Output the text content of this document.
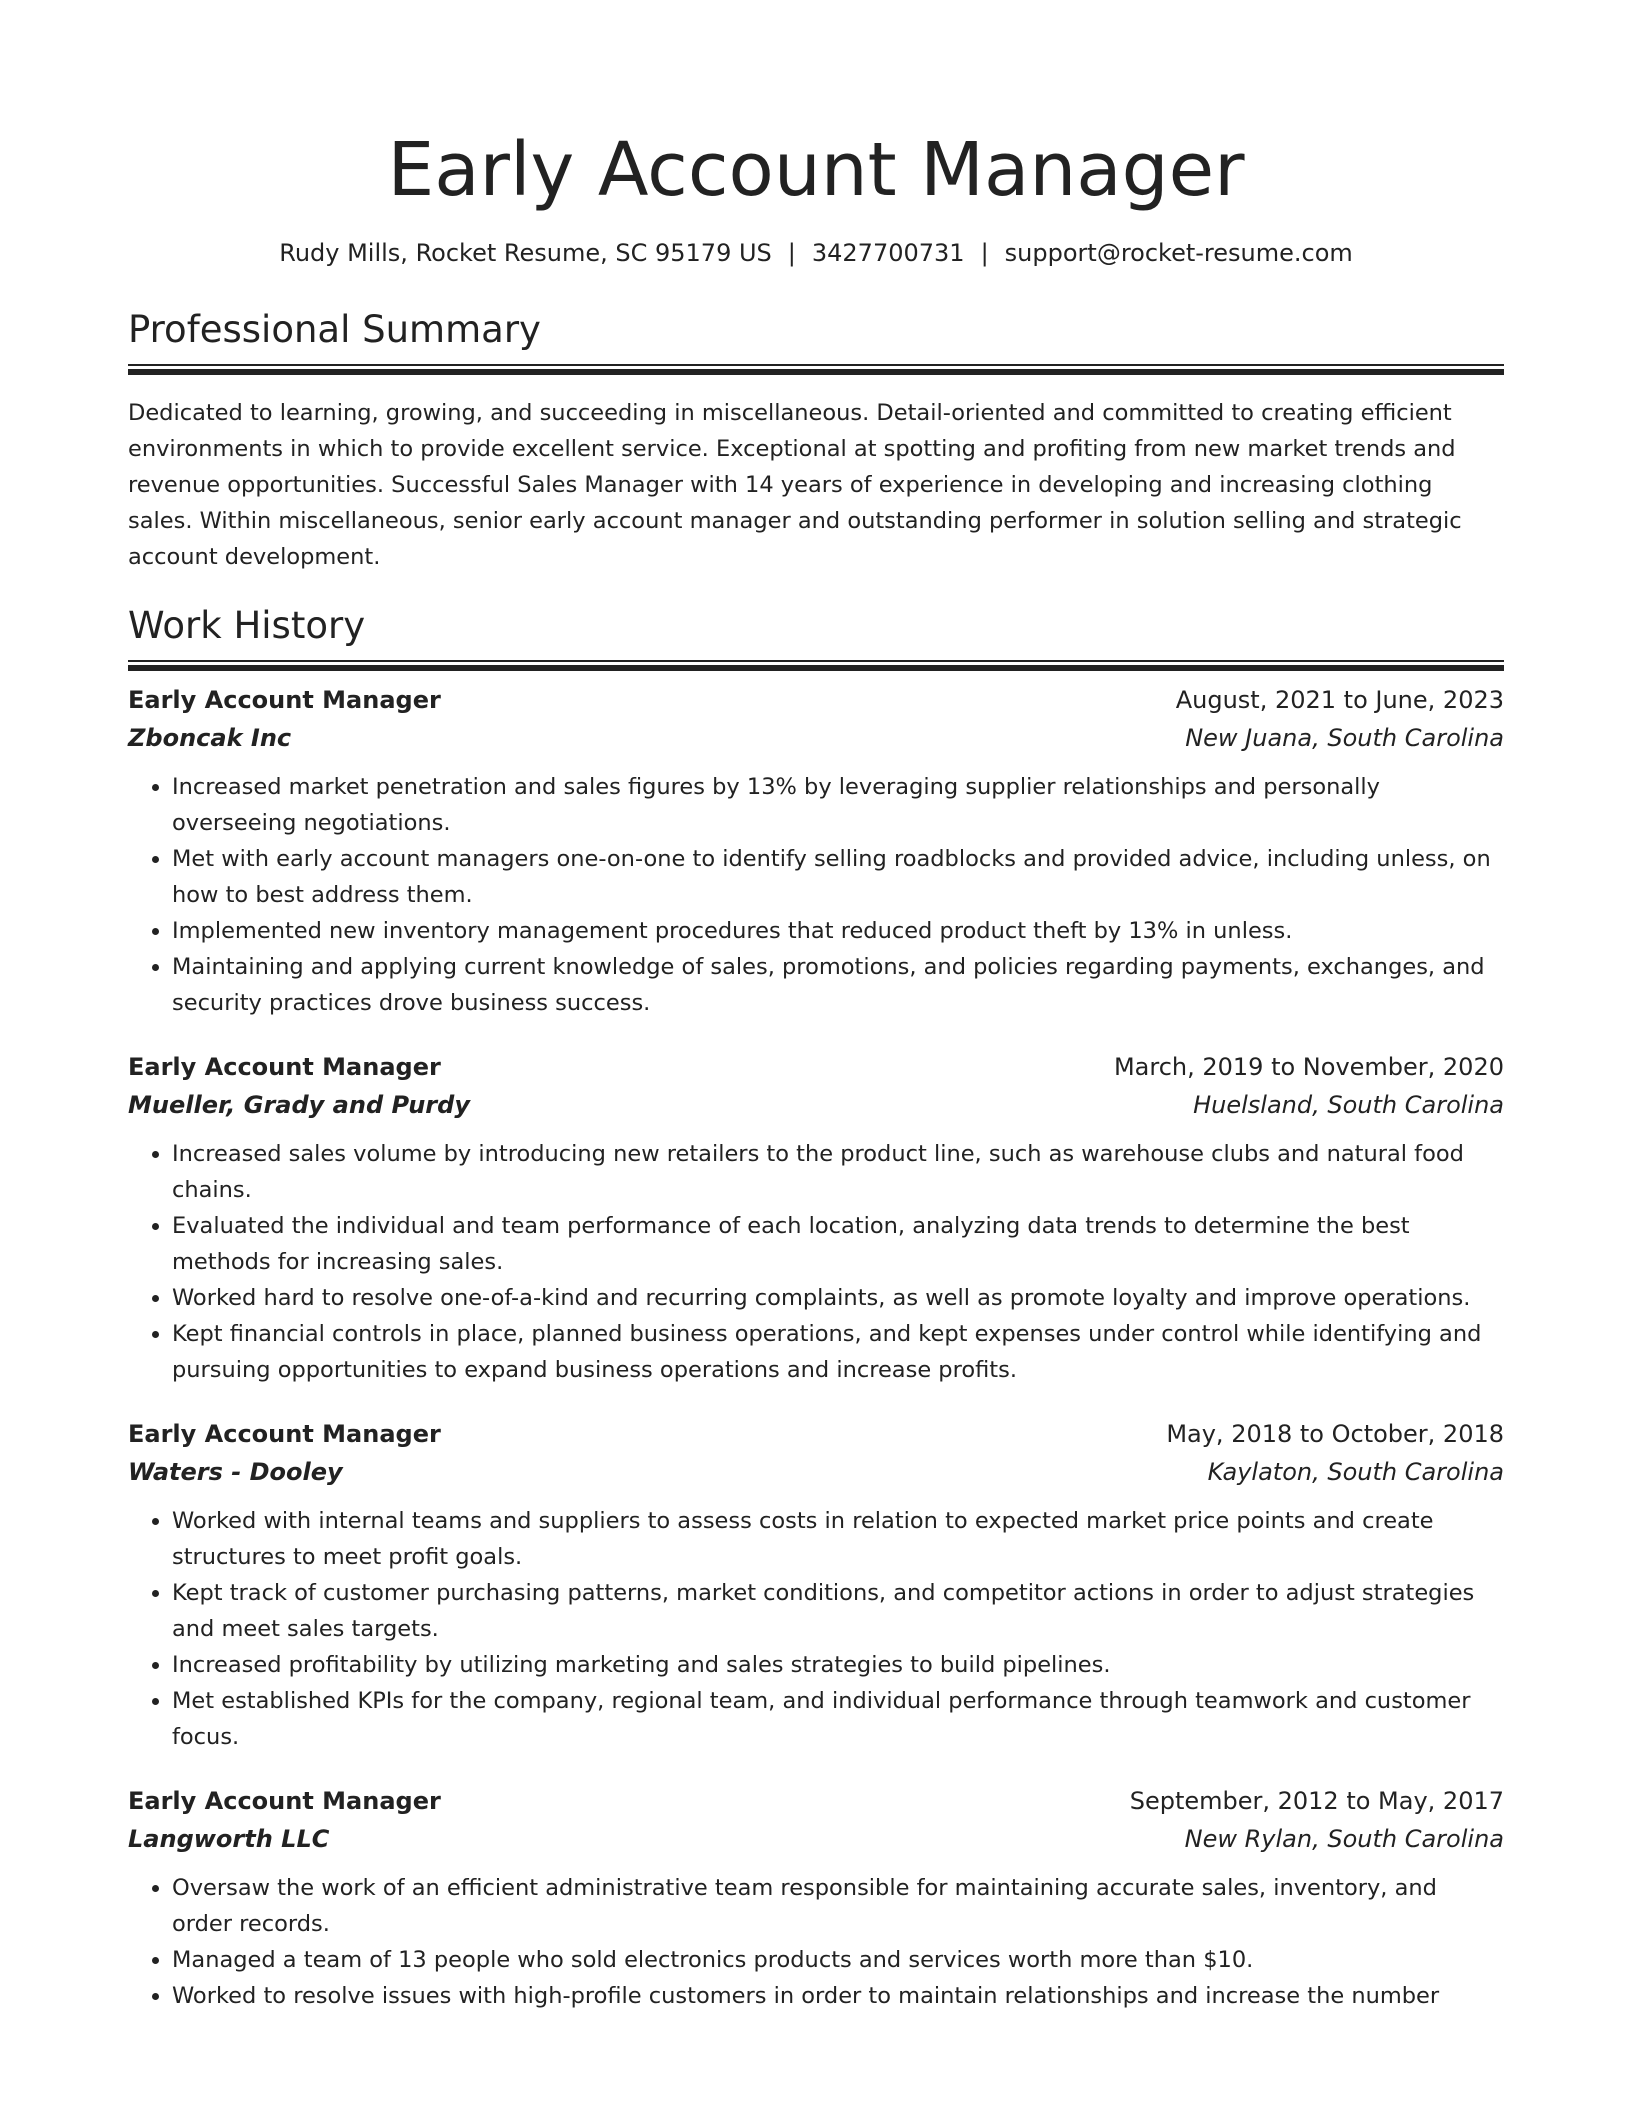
Early Account Manager
Rudy Mills, Rocket Resume, SC 95179 US | 3427700731 | support@rocket-resume.com
Professional Summary
Dedicated to learning, growing, and succeeding in miscellaneous. Detail-oriented and committed to creating efficient environments in which to provide excellent service. Exceptional at spotting and profiting from new market trends and revenue opportunities. Successful Sales Manager with 14 years of experience in developing and increasing clothing sales. Within miscellaneous, senior early account manager and outstanding performer in solution selling and strategic account development.
Work History
Early Account Manager	August, 2021 to June, 2023
Zboncak Inc	New Juana, South Carolina
• Increased market penetration and sales figures by 13% by leveraging supplier relationships and personally overseeing negotiations.
• Met with early account managers one-on-one to identify selling roadblocks and provided advice, including unless, on how to best address them.
• Implemented new inventory management procedures that reduced product theft by 13% in unless.
• Maintaining and applying current knowledge of sales, promotions, and policies regarding payments, exchanges, and security practices drove business success.
Early Account Manager	March, 2019 to November, 2020
Mueller, Grady and Purdy	Huelsland, South Carolina
• Increased sales volume by introducing new retailers to the product line, such as warehouse clubs and natural food chains.
• Evaluated the individual and team performance of each location, analyzing data trends to determine the best methods for increasing sales.
• Worked hard to resolve one-of-a-kind and recurring complaints, as well as promote loyalty and improve operations.
• Kept financial controls in place, planned business operations, and kept expenses under control while identifying and pursuing opportunities to expand business operations and increase profits.
Early Account Manager	May, 2018 to October, 2018
Waters - Dooley	Kaylaton, South Carolina
• Worked with internal teams and suppliers to assess costs in relation to expected market price points and create structures to meet profit goals.
• Kept track of customer purchasing patterns, market conditions, and competitor actions in order to adjust strategies and meet sales targets.
• Increased profitability by utilizing marketing and sales strategies to build pipelines.
• Met established KPIs for the company, regional team, and individual performance through teamwork and customer focus.
Early Account Manager	September, 2012 to May, 2017
Langworth LLC	New Rylan, South Carolina
• Oversaw the work of an efficient administrative team responsible for maintaining accurate sales, inventory, and order records.
• Managed a team of 13 people who sold electronics products and services worth more than $10.
• Worked to resolve issues with high-profile customers in order to maintain relationships and increase the number
